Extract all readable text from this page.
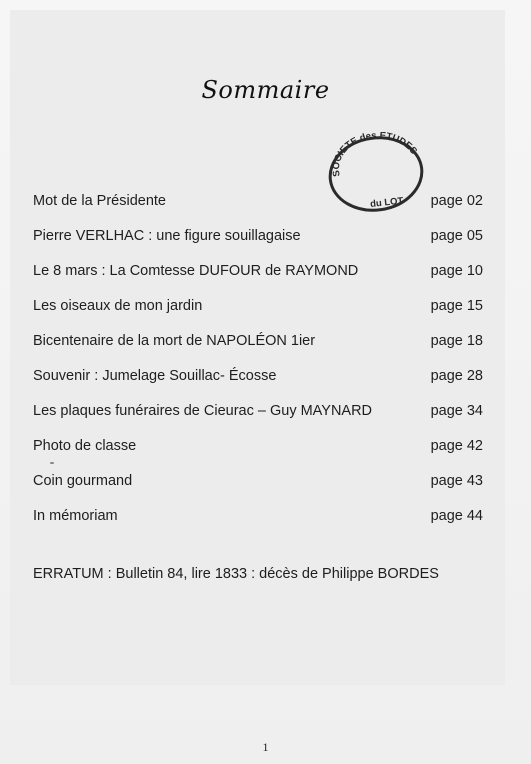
Sommaire
SOCIETE des ETUDES
du LOT
Mot de la Présidente	page 02
Pierre VERLHAC : une figure souillagaise	page 05
Le 8 mars : La Comtesse DUFOUR de RAYMOND	page 10
Les oiseaux de mon jardin	page 15
Bicentenaire de la mort de NAPOLÉON 1ier	page 18
Souvenir : Jumelage Souillac- Écosse	page 28
Les plaques funéraires de Cieurac – Guy MAYNARD	page 34
Photo de classe	page 42
Coin gourmand	page 43
In mémoriam	page 44
ERRATUM : Bulletin 84, lire 1833 : décès de Philippe BORDES
1
